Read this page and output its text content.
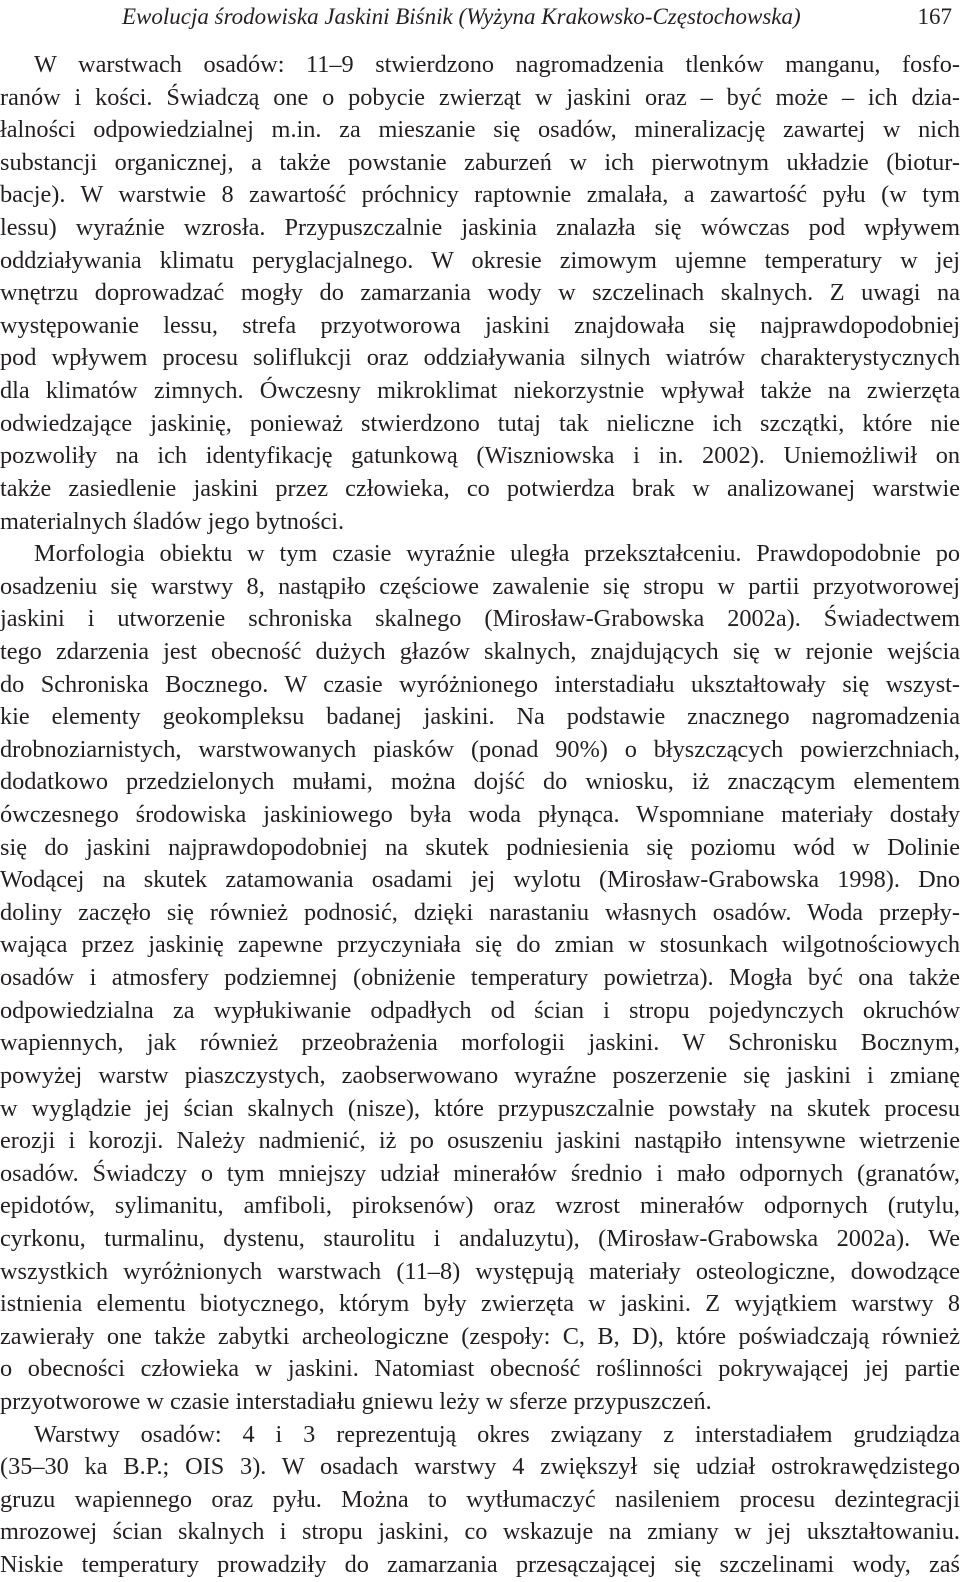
Ewolucja środowiska Jaskini Biśnik (Wyżyna Krakowsko-Częstochowska)	167
W warstwach osadów: 11–9 stwierdzono nagromadzenia tlenków manganu, fosfo-
ranów i kości. Świadczą one o pobycie zwierząt w jaskini oraz – być może – ich dzia-
łalności odpowiedzialnej m.in. za mieszanie się osadów, mineralizację zawartej w nich
substancji organicznej, a także powstanie zaburzeń w ich pierwotnym układzie (biotur-
bacje). W warstwie 8 zawartość próchnicy raptownie zmalała, a zawartość pyłu (w tym
lessu) wyraźnie wzrosła. Przypuszczalnie jaskinia znalazła się wówczas pod wpływem
oddziaływania klimatu peryglacjalnego. W okresie zimowym ujemne temperatury w jej
wnętrzu doprowadzać mogły do zamarzania wody w szczelinach skalnych. Z uwagi na
występowanie lessu, strefa przyotworowa jaskini znajdowała się najprawdopodobniej
pod wpływem procesu soliflukcji oraz oddziaływania silnych wiatrów charakterystycznych
dla klimatów zimnych. Ówczesny mikroklimat niekorzystnie wpływał także na zwierzęta
odwiedzające jaskinię, ponieważ stwierdzono tutaj tak nieliczne ich szczątki, które nie
pozwoliły na ich identyfikację gatunkową (Wiszniowska i in. 2002). Uniemożliwił on
także zasiedlenie jaskini przez człowieka, co potwierdza brak w analizowanej warstwie
materialnych śladów jego bytności.
Morfologia obiektu w tym czasie wyraźnie uległa przekształceniu. Prawdopodobnie po
osadzeniu się warstwy 8, nastąpiło częściowe zawalenie się stropu w partii przyotworowej
jaskini i utworzenie schroniska skalnego (Mirosław-Grabowska 2002a). Świadectwem
tego zdarzenia jest obecność dużych głazów skalnych, znajdujących się w rejonie wejścia
do Schroniska Bocznego. W czasie wyróżnionego interstadiału ukształtowały się wszyst-
kie elementy geokompleksu badanej jaskini. Na podstawie znacznego nagromadzenia
drobnoziarnistych, warstwowanych piasków (ponad 90%) o błyszczących powierzchniach,
dodatkowo przedzielonych mułami, można dojść do wniosku, iż znaczącym elementem
ówczesnego środowiska jaskiniowego była woda płynąca. Wspomniane materiały dostały
się do jaskini najprawdopodobniej na skutek podniesienia się poziomu wód w Dolinie
Wodącej na skutek zatamowania osadami jej wylotu (Mirosław-Grabowska 1998). Dno
doliny zaczęło się również podnosić, dzięki narastaniu własnych osadów. Woda przepły-
wająca przez jaskinię zapewne przyczyniała się do zmian w stosunkach wilgotnościowych
osadów i atmosfery podziemnej (obniżenie temperatury powietrza). Mogła być ona także
odpowiedzialna za wypłukiwanie odpadłych od ścian i stropu pojedynczych okruchów
wapiennych, jak również przeobrażenia morfologii jaskini. W Schronisku Bocznym,
powyżej warstw piaszczystych, zaobserwowano wyraźne poszerzenie się jaskini i zmianę
w wyglądzie jej ścian skalnych (nisze), które przypuszczalnie powstały na skutek procesu
erozji i korozji. Należy nadmienić, iż po osuszeniu jaskini nastąpiło intensywne wietrzenie
osadów. Świadczy o tym mniejszy udział minerałów średnio i mało odpornych (granatów,
epidotów, sylimanitu, amfiboli, piroksenów) oraz wzrost minerałów odpornych (rutylu,
cyrkonu, turmalinu, dystenu, staurolitu i andaluzytu), (Mirosław-Grabowska 2002a). We
wszystkich wyróżnionych warstwach (11–8) występują materiały osteologiczne, dowodzące
istnienia elementu biotycznego, którym były zwierzęta w jaskini. Z wyjątkiem warstwy 8
zawierały one także zabytki archeologiczne (zespoły: C, B, D), które poświadczają również
o obecności człowieka w jaskini. Natomiast obecność roślinności pokrywającej jej partie
przyotworowe w czasie interstadiału gniewu leży w sferze przypuszczeń.
Warstwy osadów: 4 i 3 reprezentują okres związany z interstadiałem grudziądza
(35–30 ka B.P.; OIS 3). W osadach warstwy 4 zwiększył się udział ostrokrawędzistego
gruzu wapiennego oraz pyłu. Można to wytłumaczyć nasileniem procesu dezintegracji
mrozowej ścian skalnych i stropu jaskini, co wskazuje na zmiany w jej ukształtowaniu.
Niskie temperatury prowadziły do zamarzania przesączającej się szczelinami wody, zaś
